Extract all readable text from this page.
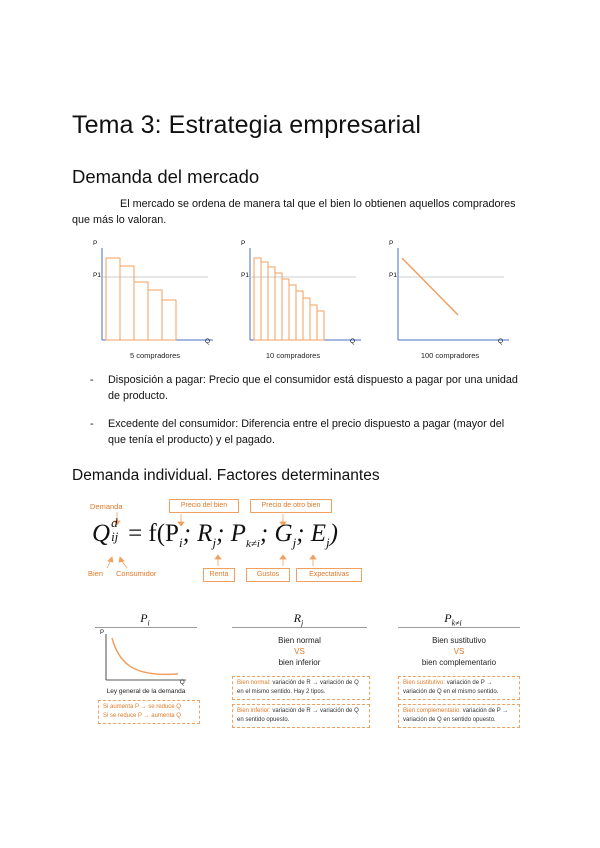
Tema 3: Estrategia empresarial
Demanda del mercado
El mercado se ordena de manera tal que el bien lo obtienen aquellos compradores que más lo valoran.
P
P1
Q
5 compradores
P
P1
Q
10 compradores
P
P1
Q
100 compradores
- Disposición a pagar: Precio que el consumidor está dispuesto a pagar por una unidad de producto.
- Excedente del consumidor: Diferencia entre el precio dispuesto a pagar (mayor del que tenía el producto) y el pagado.
Demanda individual. Factores determinantes
Demanda	Precio del bien	Precio de otro bien
Q d
ij = $f(P_i$; $R_j$; $P_{k\ne i}$; $G_j$; $E_j$)
Bien Consumidor	Renta	Gustos	Expectativas
$P_i$
P
Q
Ley general de la demanda
Si aumenta P → se reduce Q
Si se reduce P → aumenta Q
$R_j$
Bien normal
VS
bien inferior
Bien normal: variación de R → variación de Q en el mismo sentido. Hay 2 tipos.
Bien inferior: variación de R → variación de Q en sentido opuesto.
$P_{k\ne i}$
Bien sustitutivo
VS
bien complementario
Bien sustitutivo: variación de P → variación de Q en el mismo sentido.
Bien complementario: variación de P → variación de Q en sentido opuesto.
